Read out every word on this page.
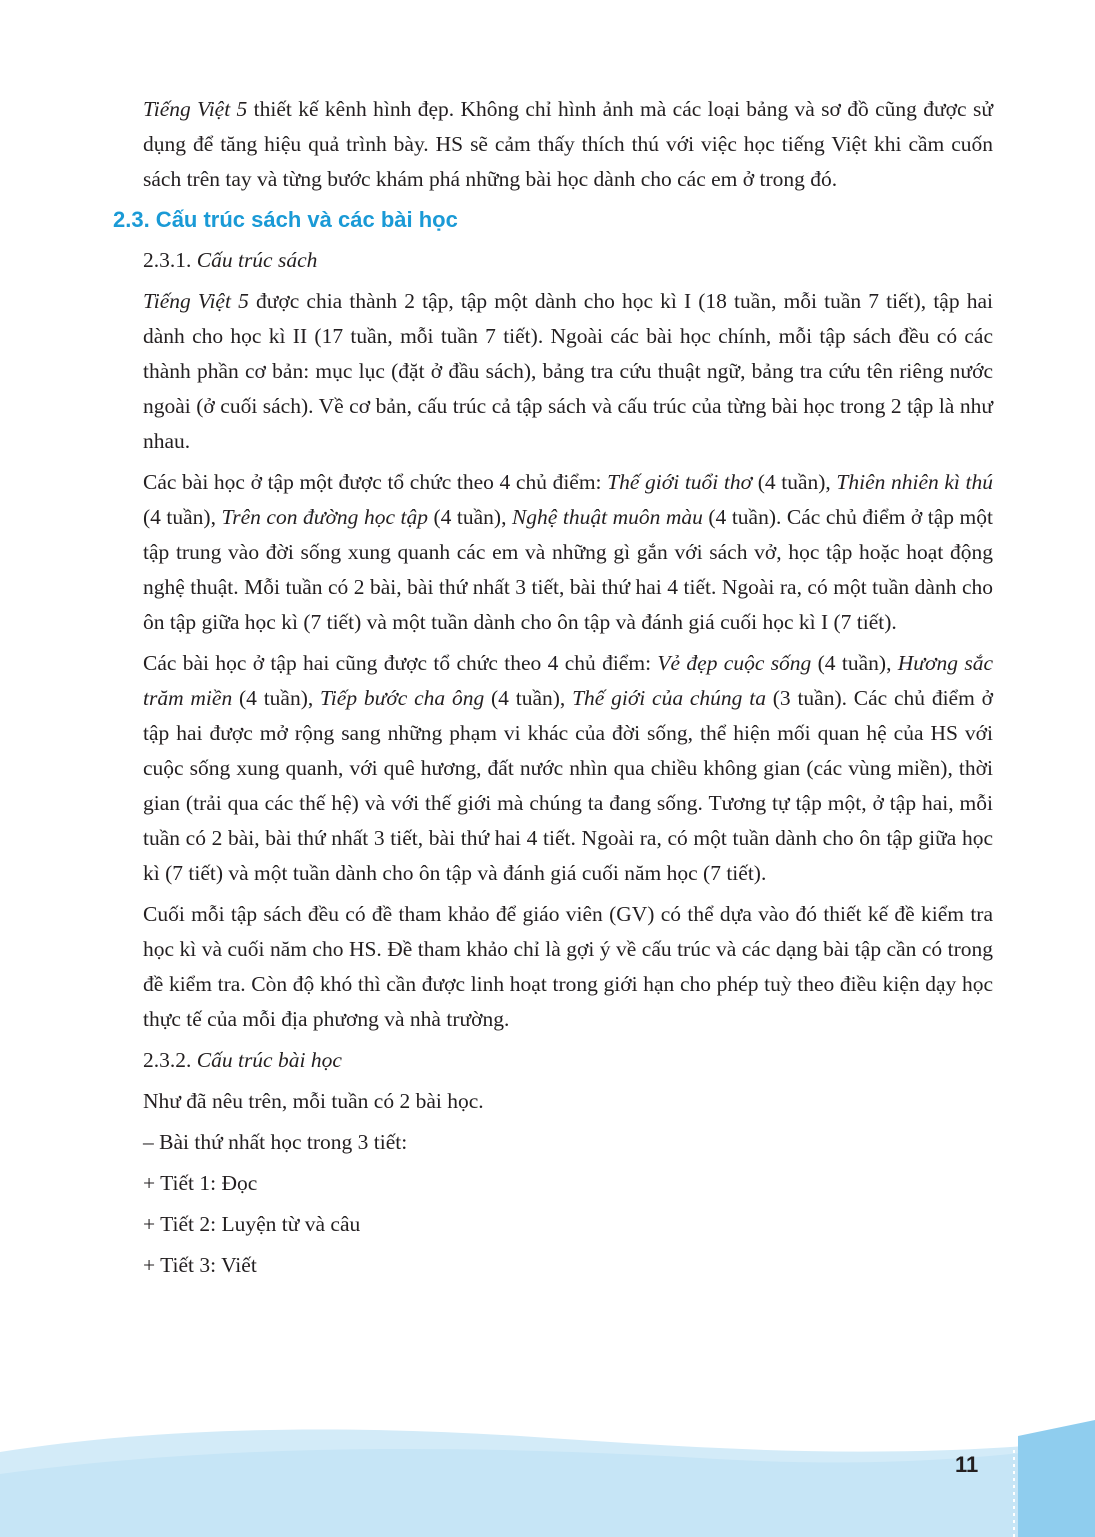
Tiếng Việt 5 thiết kế kênh hình đẹp. Không chỉ hình ảnh mà các loại bảng và sơ đồ cũng được sử dụng để tăng hiệu quả trình bày. HS sẽ cảm thấy thích thú với việc học tiếng Việt khi cầm cuốn sách trên tay và từng bước khám phá những bài học dành cho các em ở trong đó.

2.3. Cấu trúc sách và các bài học

2.3.1. Cấu trúc sách

Tiếng Việt 5 được chia thành 2 tập, tập một dành cho học kì I (18 tuần, mỗi tuần 7 tiết), tập hai dành cho học kì II (17 tuần, mỗi tuần 7 tiết). Ngoài các bài học chính, mỗi tập sách đều có các thành phần cơ bản: mục lục (đặt ở đầu sách), bảng tra cứu thuật ngữ, bảng tra cứu tên riêng nước ngoài (ở cuối sách). Về cơ bản, cấu trúc cả tập sách và cấu trúc của từng bài học trong 2 tập là như nhau.

Các bài học ở tập một được tổ chức theo 4 chủ điểm: Thế giới tuổi thơ (4 tuần), Thiên nhiên kì thú (4 tuần), Trên con đường học tập (4 tuần), Nghệ thuật muôn màu (4 tuần). Các chủ điểm ở tập một tập trung vào đời sống xung quanh các em và những gì gắn với sách vở, học tập hoặc hoạt động nghệ thuật. Mỗi tuần có 2 bài, bài thứ nhất 3 tiết, bài thứ hai 4 tiết. Ngoài ra, có một tuần dành cho ôn tập giữa học kì (7 tiết) và một tuần dành cho ôn tập và đánh giá cuối học kì I (7 tiết).

Các bài học ở tập hai cũng được tổ chức theo 4 chủ điểm: Vẻ đẹp cuộc sống (4 tuần), Hương sắc trăm miền (4 tuần), Tiếp bước cha ông (4 tuần), Thế giới của chúng ta (3 tuần). Các chủ điểm ở tập hai được mở rộng sang những phạm vi khác của đời sống, thể hiện mối quan hệ của HS với cuộc sống xung quanh, với quê hương, đất nước nhìn qua chiều không gian (các vùng miền), thời gian (trải qua các thế hệ) và với thế giới mà chúng ta đang sống. Tương tự tập một, ở tập hai, mỗi tuần có 2 bài, bài thứ nhất 3 tiết, bài thứ hai 4 tiết. Ngoài ra, có một tuần dành cho ôn tập giữa học kì (7 tiết) và một tuần dành cho ôn tập và đánh giá cuối năm học (7 tiết).

Cuối mỗi tập sách đều có đề tham khảo để giáo viên (GV) có thể dựa vào đó thiết kế đề kiểm tra học kì và cuối năm cho HS. Đề tham khảo chỉ là gợi ý về cấu trúc và các dạng bài tập cần có trong đề kiểm tra. Còn độ khó thì cần được linh hoạt trong giới hạn cho phép tuỳ theo điều kiện dạy học thực tế của mỗi địa phương và nhà trường.

2.3.2. Cấu trúc bài học

Như đã nêu trên, mỗi tuần có 2 bài học.

– Bài thứ nhất học trong 3 tiết:

+ Tiết 1: Đọc

+ Tiết 2: Luyện từ và câu

+ Tiết 3: Viết

11
